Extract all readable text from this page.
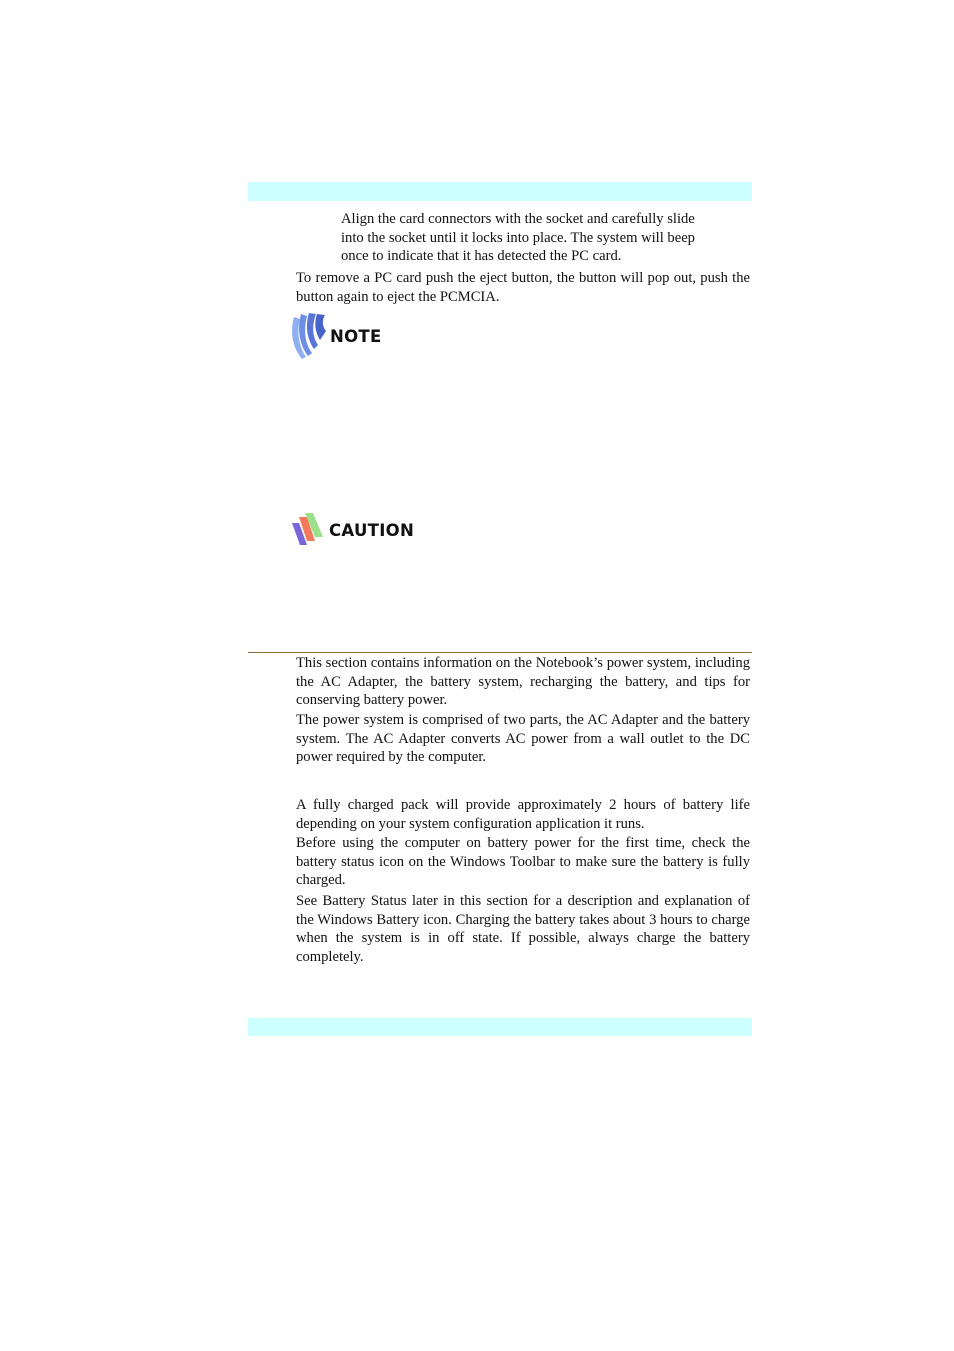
Align the card connectors with the socket and carefully slide
into the socket until it locks into place. The system will beep
once to indicate that it has detected the PC card.

To remove a PC card push the eject button, the button will pop out, push the button again to eject the PCMCIA.

NOTE
CAUTION

This section contains information on the Notebook’s power system, including the AC Adapter, the battery system, recharging the battery, and tips for conserving battery power.

The power system is comprised of two parts, the AC Adapter and the battery system. The AC Adapter converts AC power from a wall outlet to the DC power required by the computer.

A fully charged pack will provide approximately 2 hours of battery life depending on your system configuration application it runs.

Before using the computer on battery power for the first time, check the battery status icon on the Windows Toolbar to make sure the battery is fully charged.

See Battery Status later in this section for a description and explanation of the Windows Battery icon. Charging the battery takes about 3 hours to charge when the system is in off state. If possible, always charge the battery completely.
